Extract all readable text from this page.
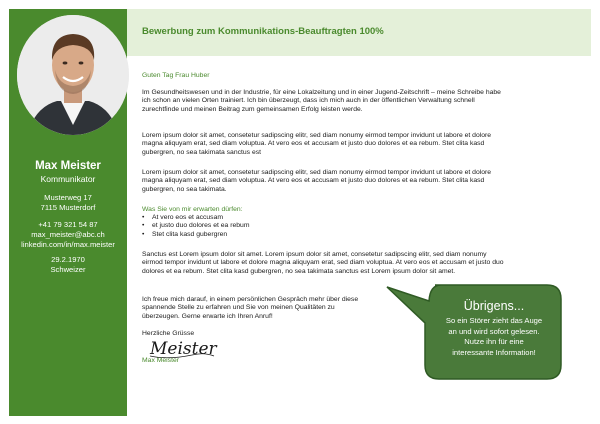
Max Meister
Kommunikator
Musterweg 17
7115 Musterdorf
+41 79 321 54 87
max_meister@abc.ch
linkedin.com/in/max.meister
29.2.1970
Schweizer
Bewerbung zum Kommunikations-Beauftragten 100%
Guten Tag Frau Huber
Im Gesundheitswesen und in der Industrie, für eine Lokalzeitung und in einer Jugend-Zeitschrift – meine Schreibe habe ich schon an vielen Orten trainiert. Ich bin überzeugt, dass ich mich auch in der öffentlichen Verwaltung schnell zurechtfinde und meinen Beitrag zum gemeinsamen Erfolg leisten werde.
Lorem ipsum dolor sit amet, consetetur sadipscing elitr, sed diam nonumy eirmod tempor invidunt ut labore et dolore magna aliquyam erat, sed diam voluptua. At vero eos et accusam et justo duo dolores et ea rebum. Stet clita kasd gubergren, no sea takimata sanctus est
Lorem ipsum dolor sit amet, consetetur sadipscing elitr, sed diam nonumy eirmod tempor invidunt ut labore et dolore magna aliquyam erat, sed diam voluptua. At vero eos et accusam et justo duo dolores et ea rebum. Stet clita kasd gubergren, no sea takimata.
Was Sie von mir erwarten dürfen:
• At vero eos et accusam
• et justo duo dolores et ea rebum
• Stet clita kasd gubergren
Sanctus est Lorem ipsum dolor sit amet. Lorem ipsum dolor sit amet, consetetur sadipscing elitr, sed diam nonumy eirmod tempor invidunt ut labore et dolore magna aliquyam erat, sed diam voluptua. At vero eos et accusam et justo duo dolores et ea rebum. Stet clita kasd gubergren, no sea takimata sanctus est Lorem ipsum dolor sit amet.
Ich freue mich darauf, in einem persönlichen Gespräch mehr über diese spannende Stelle zu erfahren und Sie von meinen Qualitäten zu überzeugen. Gerne erwarte ich Ihren Anruf!
Herzliche Grüsse
Meister
Max Meister
Übrigens...
So ein Störer zieht das Auge
an und wird sofort gelesen.
Nutze ihn für eine
interessante Information!
